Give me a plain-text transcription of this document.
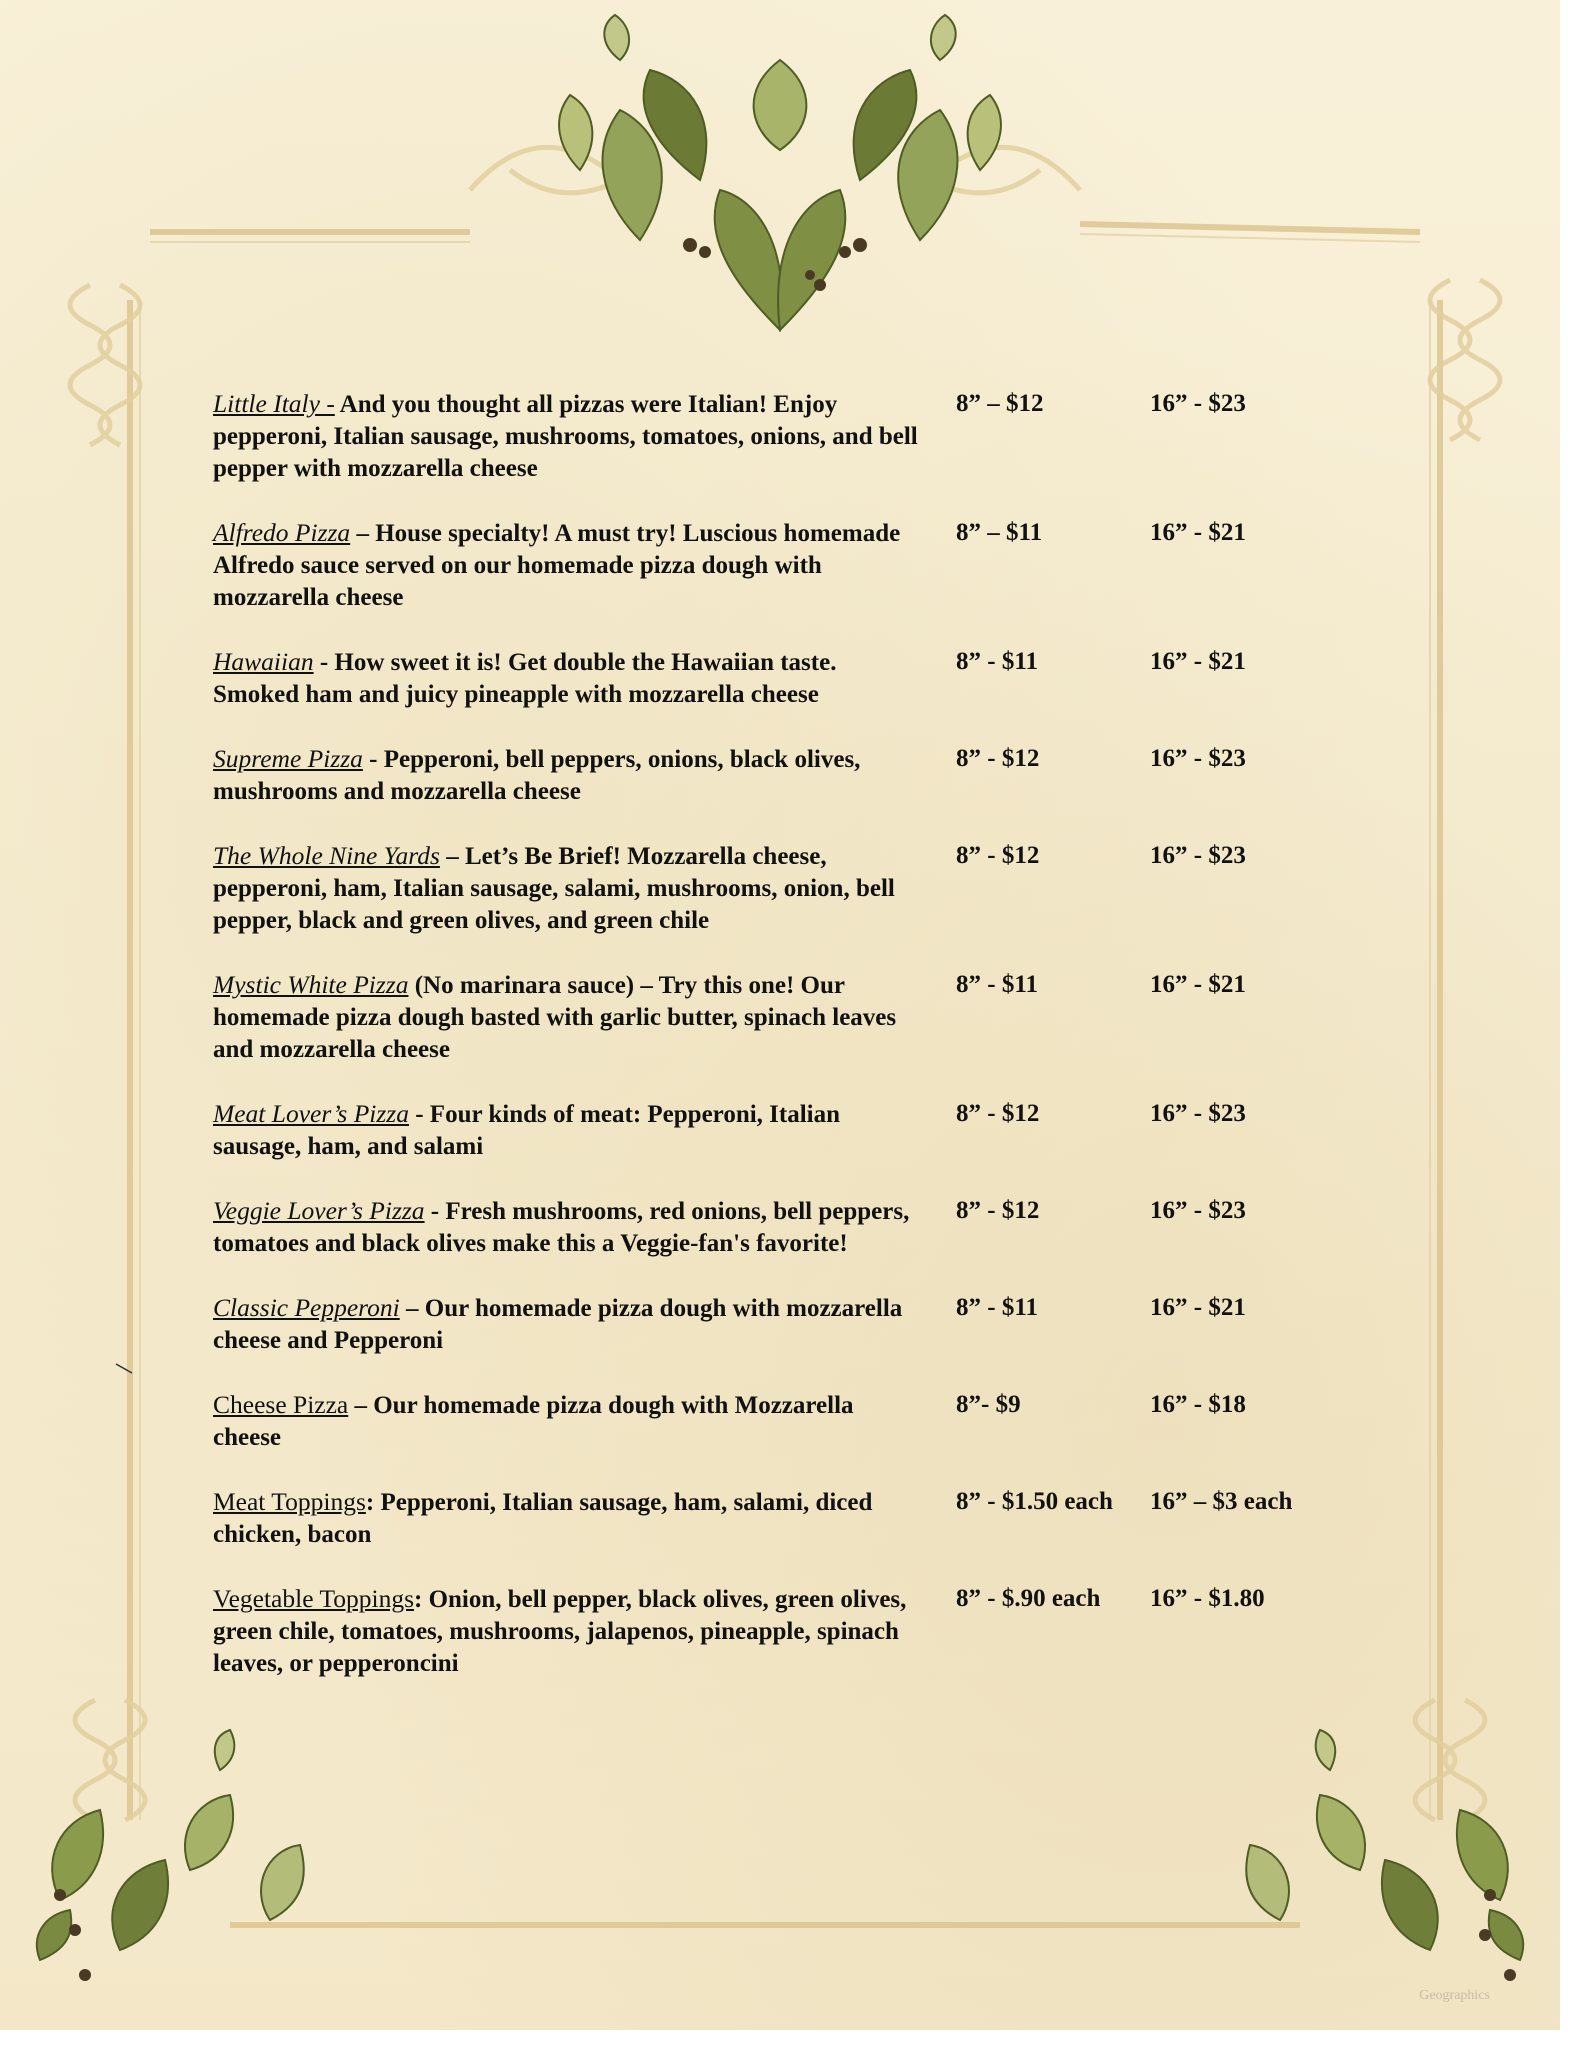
Little Italy - And you thought all pizzas were Italian! Enjoy pepperoni, Italian sausage, mushrooms, tomatoes, onions, and bell pepper with mozzarella cheese
8” – $12	16” - $23
Alfredo Pizza – House specialty! A must try! Luscious homemade Alfredo sauce served on our homemade pizza dough with mozzarella cheese
8” – $11	16” - $21
Hawaiian - How sweet it is! Get double the Hawaiian taste. Smoked ham and juicy pineapple with mozzarella cheese
8” - $11	16” - $21
Supreme Pizza - Pepperoni, bell peppers, onions, black olives, mushrooms and mozzarella cheese
8” - $12	16” - $23
The Whole Nine Yards – Let’s Be Brief! Mozzarella cheese, pepperoni, ham, Italian sausage, salami, mushrooms, onion, bell pepper, black and green olives, and green chile
8” - $12	16” - $23
Mystic White Pizza (No marinara sauce) – Try this one! Our homemade pizza dough basted with garlic butter, spinach leaves and mozzarella cheese
8” - $11	16” - $21
Meat Lover’s Pizza - Four kinds of meat: Pepperoni, Italian sausage, ham, and salami
8” - $12	16” - $23
Veggie Lover’s Pizza - Fresh mushrooms, red onions, bell peppers, tomatoes and black olives make this a Veggie-fan's favorite!
8” - $12	16” - $23
Classic Pepperoni – Our homemade pizza dough with mozzarella cheese and Pepperoni
8” - $11	16” - $21
Cheese Pizza – Our homemade pizza dough with Mozzarella cheese
8”- $9	16” - $18
Meat Toppings: Pepperoni, Italian sausage, ham, salami, diced chicken, bacon
8” - $1.50 each 16” – $3 each
Vegetable Toppings: Onion, bell pepper, black olives, green olives, green chile, tomatoes, mushrooms, jalapenos, pineapple, spinach leaves, or pepperoncini
8” - $.90 each 16” - $1.80
Geographics
